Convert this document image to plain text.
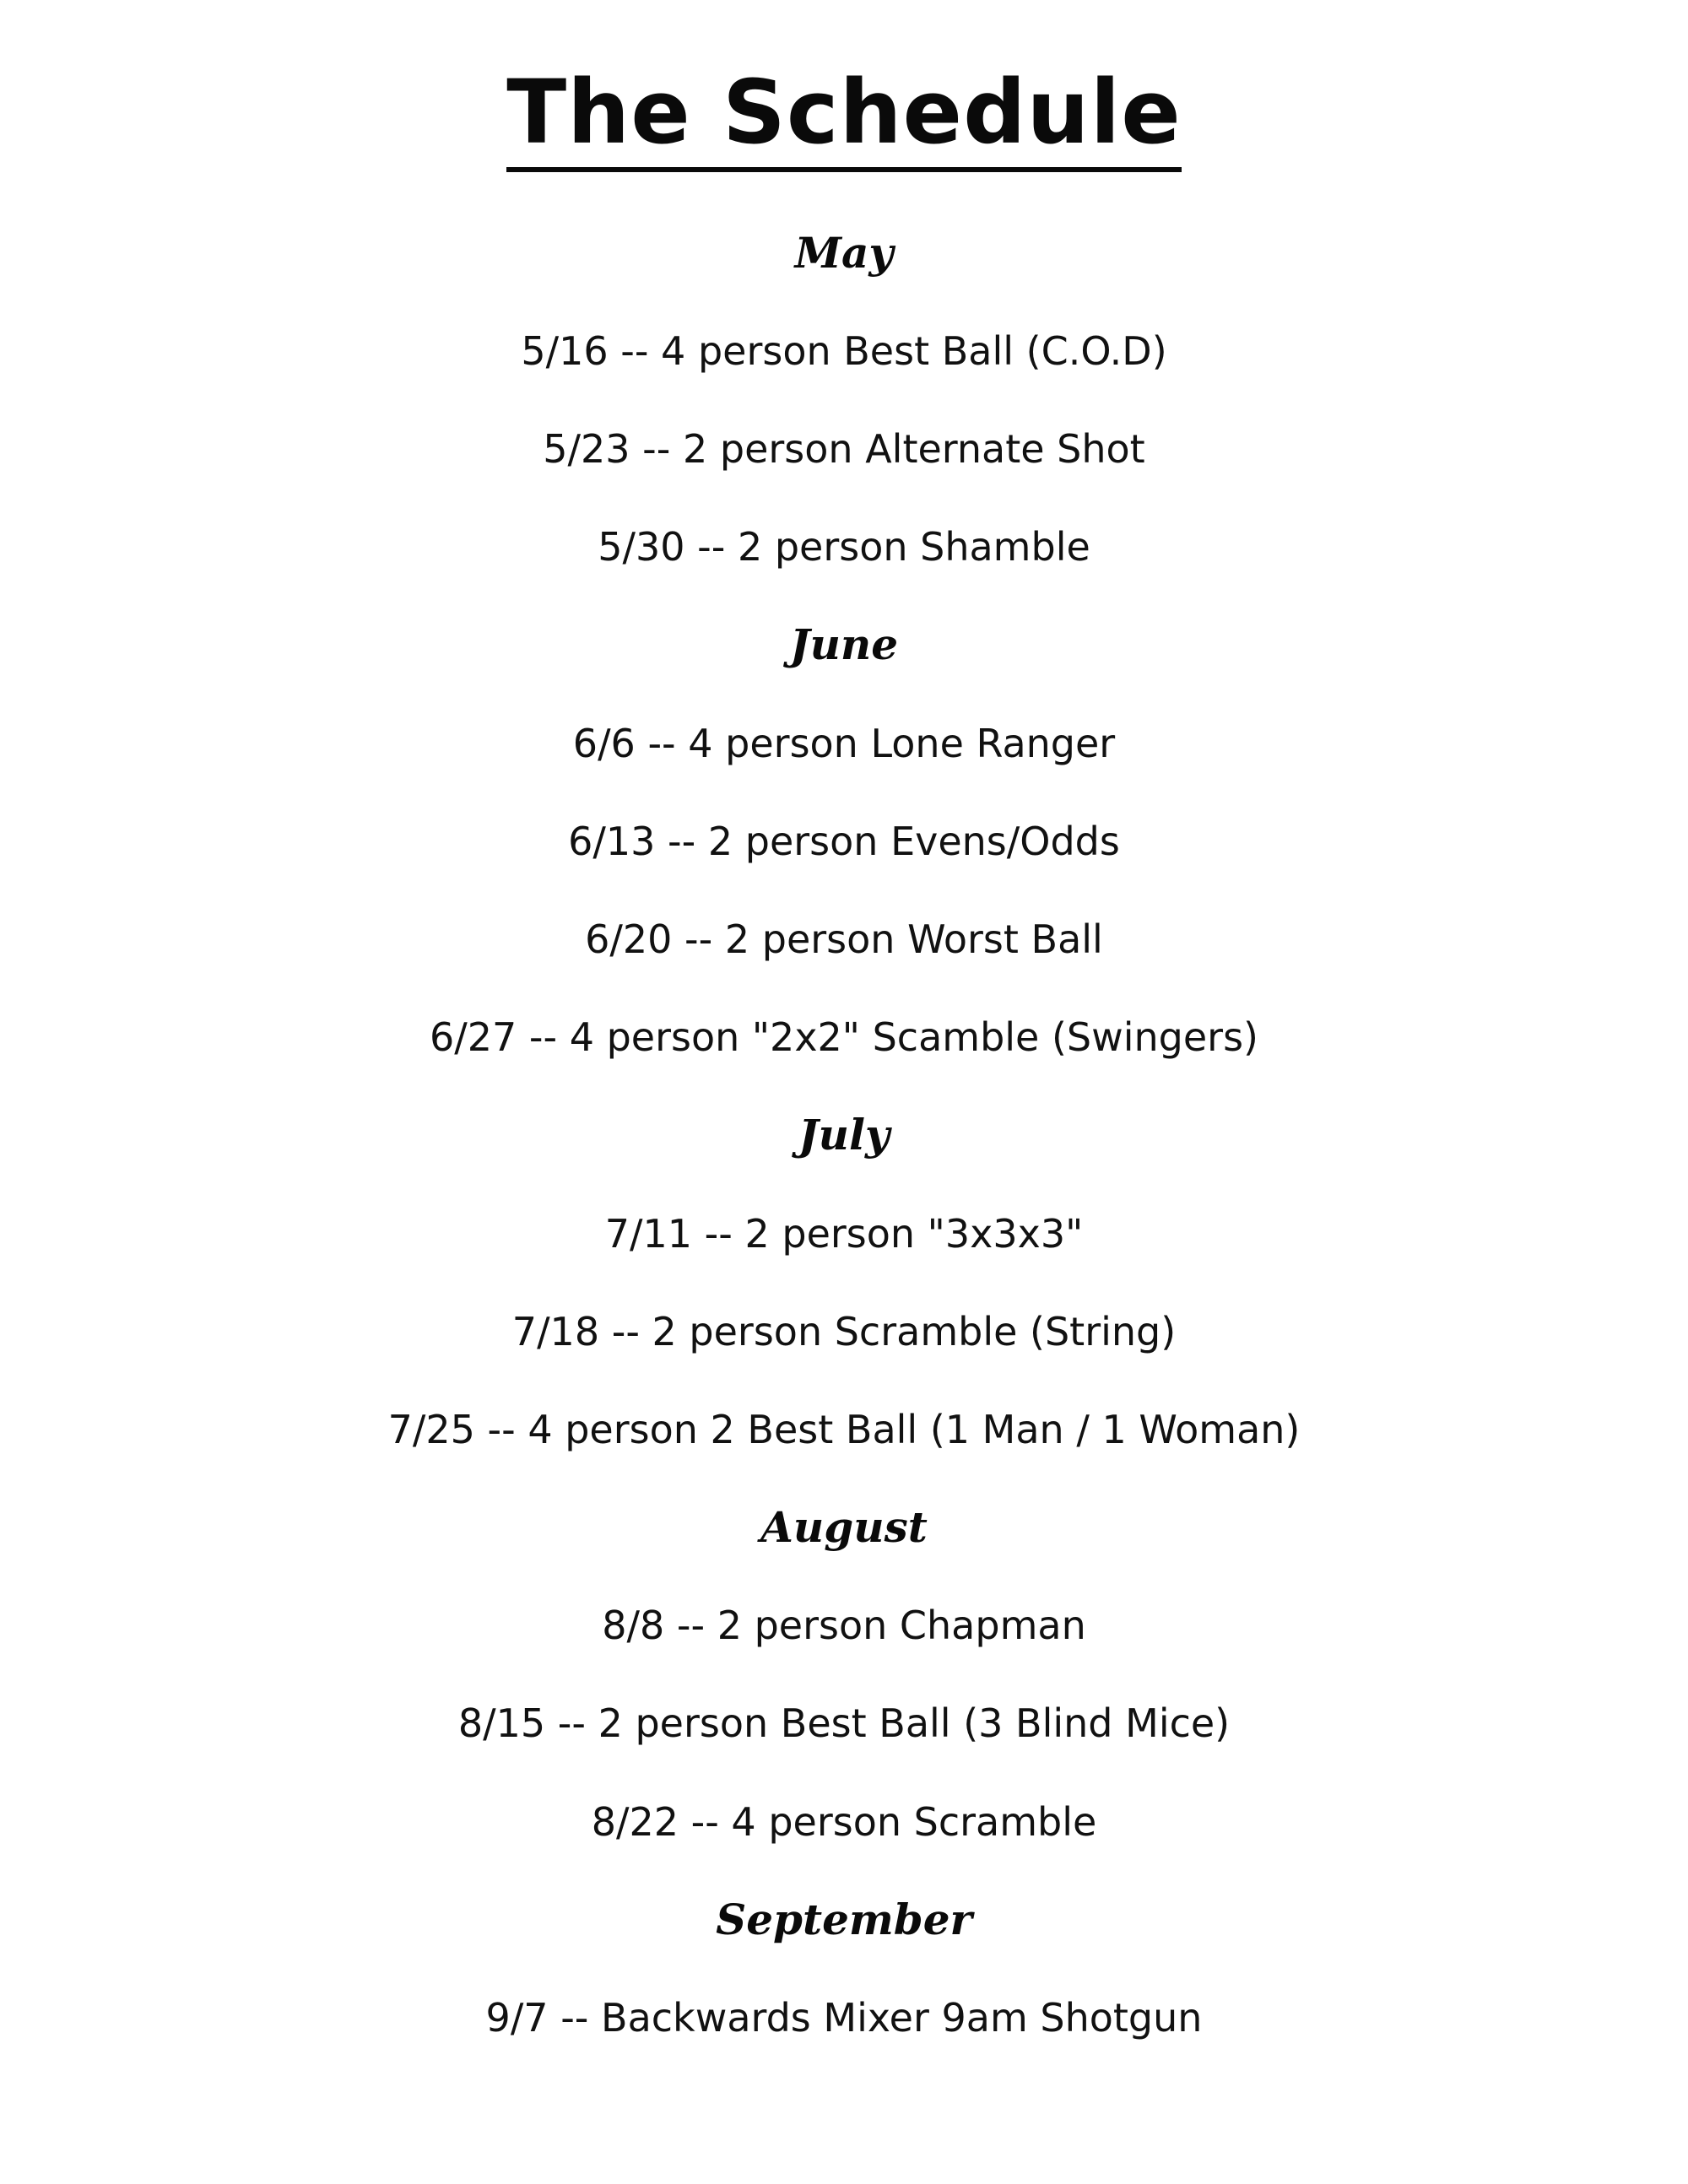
The Schedule
May
5/16 -- 4 person Best Ball (C.O.D)
5/23 -- 2 person Alternate Shot
5/30 -- 2 person Shamble
June
6/6 -- 4 person Lone Ranger
6/13 -- 2 person Evens/Odds
6/20 -- 2 person Worst Ball
6/27 -- 4 person "2x2" Scamble (Swingers)
July
7/11 -- 2 person "3x3x3"
7/18 -- 2 person Scramble (String)
7/25 -- 4 person 2 Best Ball (1 Man / 1 Woman)
August
8/8 -- 2 person Chapman
8/15 -- 2 person Best Ball (3 Blind Mice)
8/22 -- 4 person Scramble
September
9/7 -- Backwards Mixer 9am Shotgun
